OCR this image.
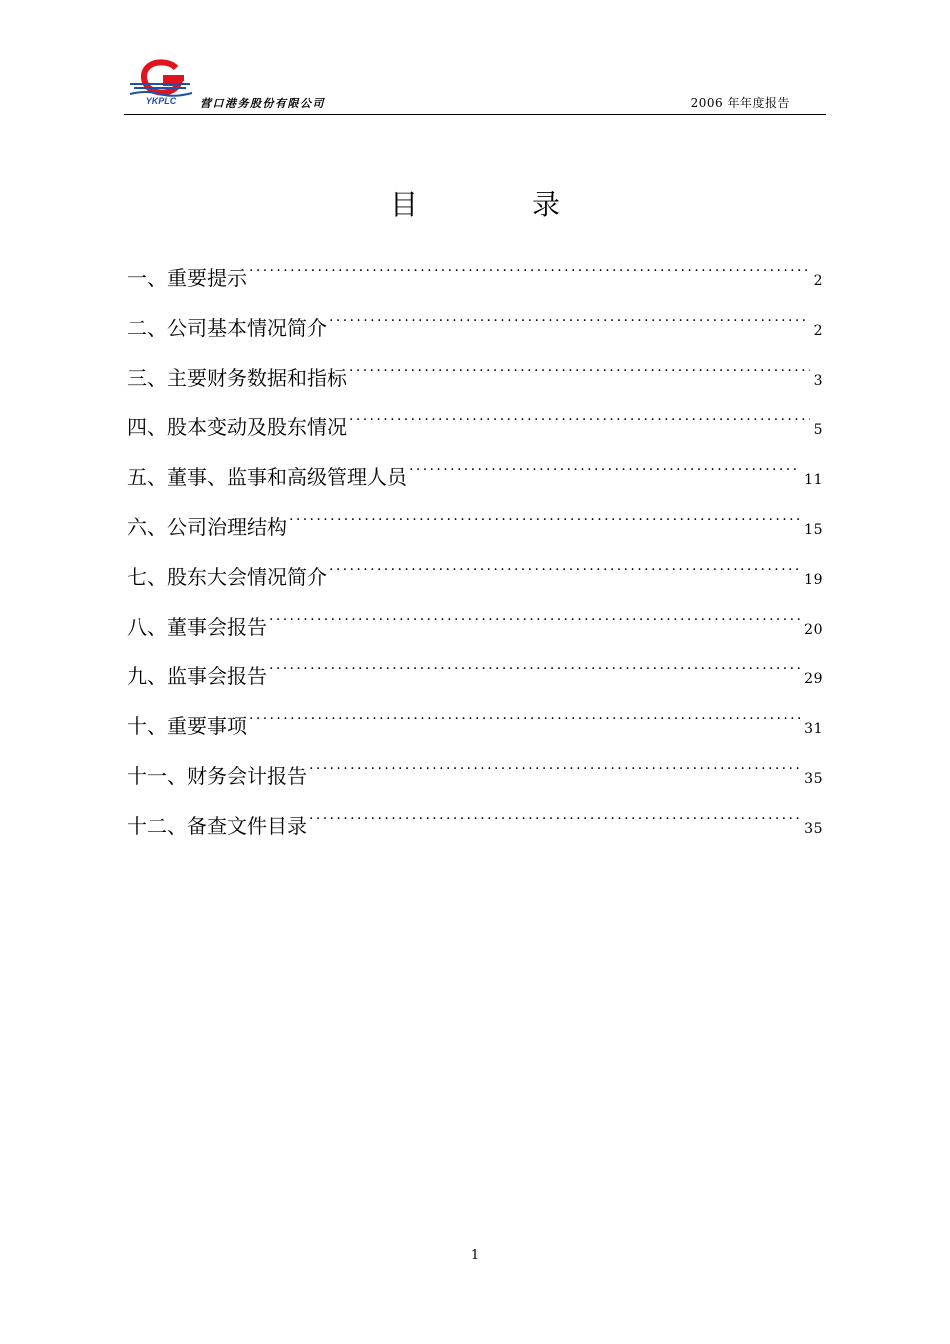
YKPLC 营口港务股份有限公司	2006 年年度报告
目	录
一、重要提示 .....	2
二、公司基本情况简介 .....	2
三、主要财务数据和指标 .....	3
四、股本变动及股东情况 .....	5
五、董事、监事和高级管理人员 .....	11
六、公司治理结构 .....	15
七、股东大会情况简介 .....	19
八、董事会报告 .....	20
九、监事会报告 .....	29
十、重要事项 .....	31
十一、财务会计报告 .....	35
十二、备查文件目录 .....	35
1
